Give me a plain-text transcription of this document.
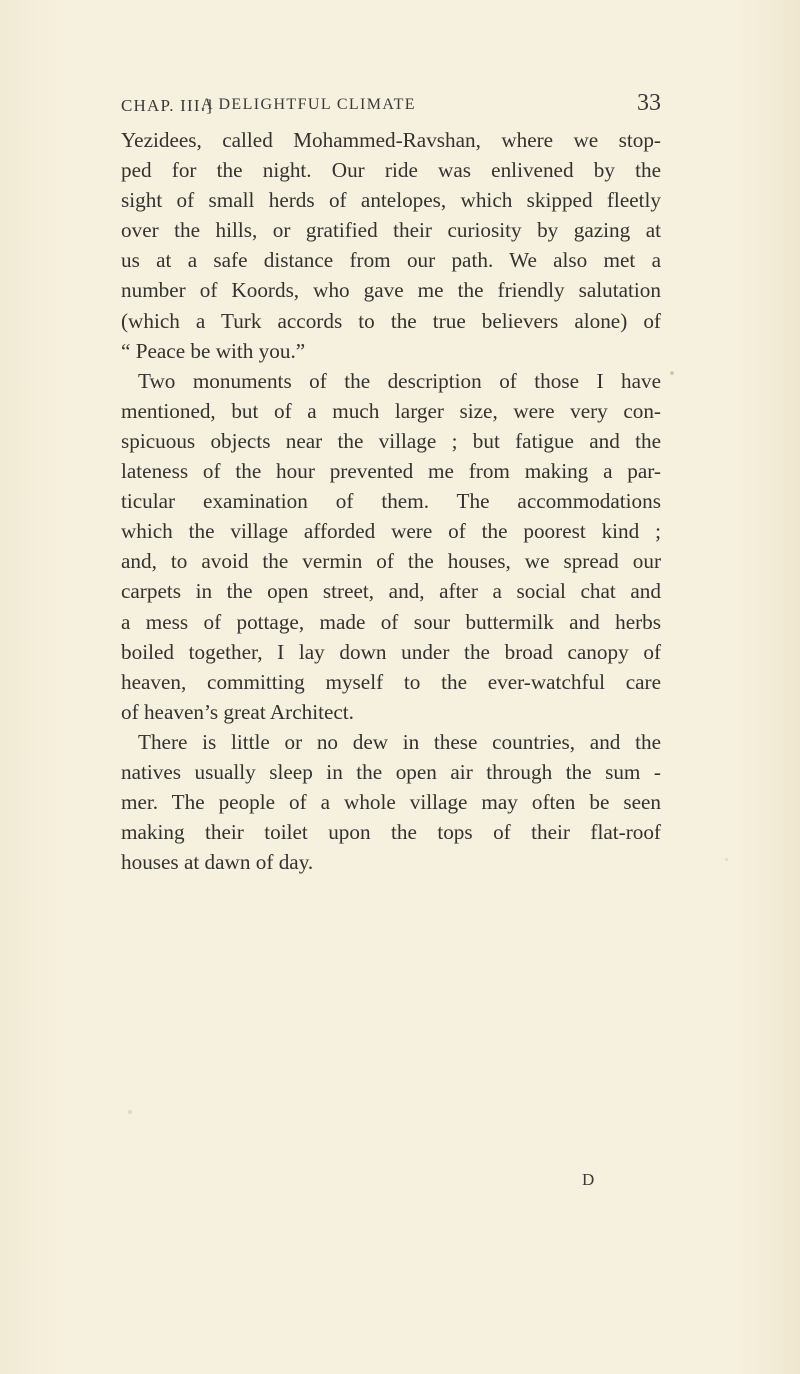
CHAP. III.]
A DELIGHTFUL CLIMATE	33
Yezidees, called Mohammed-Ravshan, where we stop-
ped for the night. Our ride was enlivened by the
sight of small herds of antelopes, which skipped fleetly
over the hills, or gratified their curiosity by gazing at
us at a safe distance from our path. We also met a
number of Koords, who gave me the friendly salutation
(which a Turk accords to the true believers alone) of
“ Peace be with you.”
Two monuments of the description of those I have
mentioned, but of a much larger size, were very con-
spicuous objects near the village ; but fatigue and the
lateness of the hour prevented me from making a par-
ticular examination of them. The accommodations
which the village afforded were of the poorest kind ;
and, to avoid the vermin of the houses, we spread our
carpets in the open street, and, after a social chat and
a mess of pottage, made of sour buttermilk and herbs
boiled together, I lay down under the broad canopy of
heaven, committing myself to the ever-watchful care
of heaven’s great Architect.
There is little or no dew in these countries, and the
natives usually sleep in the open air through the sum -
mer. The people of a whole village may often be seen
making their toilet upon the tops of their flat-roof
houses at dawn of day.
D
